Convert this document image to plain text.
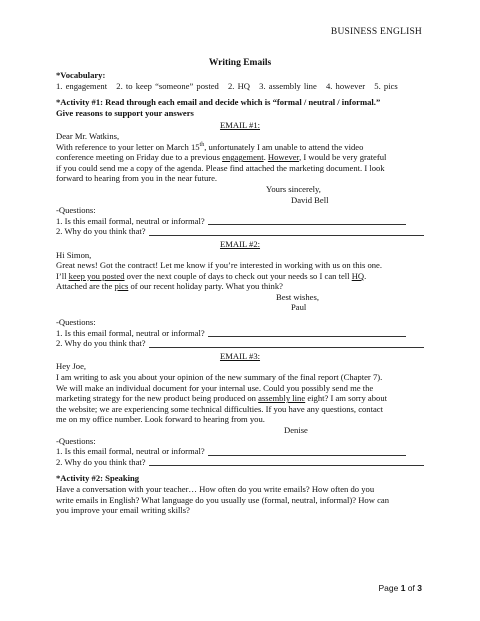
BUSINESS ENGLISH
Writing Emails
*Vocabulary:
1. engagement 2. to keep “someone” posted 2. HQ 3. assembly line 4. however 5. pics
*Activity #1: Read through each email and decide which is “formal / neutral / informal.”
Give reasons to support your answers
EMAIL #1:
Dear Mr. Watkins,
With reference to your letter on March 15th, unfortunately I am unable to attend the video
conference meeting on Friday due to a previous engagement. However, I would be very grateful
if you could send me a copy of the agenda. Please find attached the marketing document. I look
forward to hearing from you in the near future.
Yours sincerely,
David Bell
-Questions:
1. Is this email formal, neutral or informal?
2. Why do you think that?
EMAIL #2:
Hi Simon,
Great news! Got the contract! Let me know if you’re interested in working with us on this one.
I’ll keep you posted over the next couple of days to check out your needs so I can tell HQ.
Attached are the pics of our recent holiday party. What you think?
Best wishes,
Paul
-Questions:
1. Is this email formal, neutral or informal?
2. Why do you think that?
EMAIL #3:
Hey Joe,
I am writing to ask you about your opinion of the new summary of the final report (Chapter 7).
We will make an individual document for your internal use. Could you possibly send me the
marketing strategy for the new product being produced on assembly line eight? I am sorry about
the website; we are experiencing some technical difficulties. If you have any questions, contact
me on my office number. Look forward to hearing from you.
Denise
-Questions:
1. Is this email formal, neutral or informal?
2. Why do you think that?
*Activity #2: Speaking
Have a conversation with your teacher… How often do you write emails? How often do you
write emails in English? What language do you usually use (formal, neutral, informal)? How can
you improve your email writing skills?
Page 1 of 3
